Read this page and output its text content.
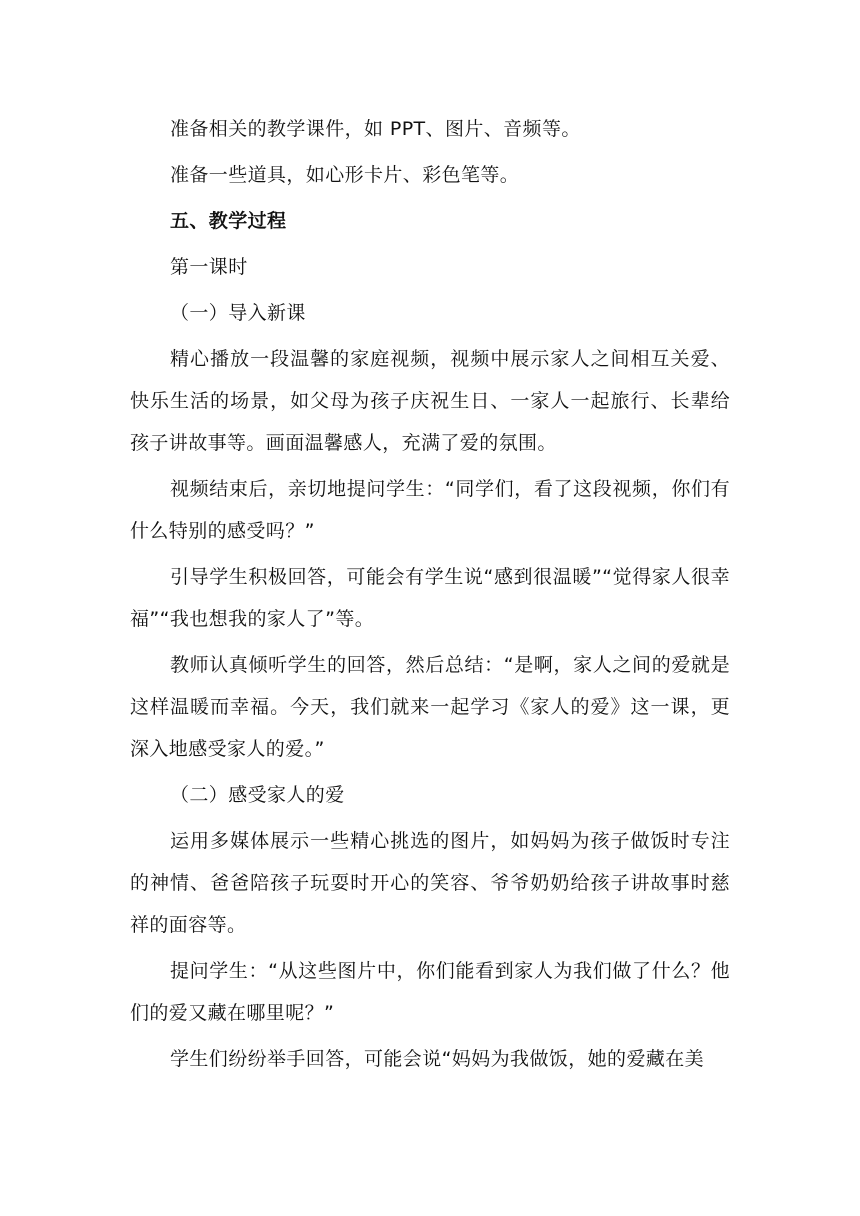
准备相关的教学课件，如 PPT、图片、音频等。

准备一些道具，如心形卡片、彩色笔等。

五、教学过程

第一课时

（一）导入新课

精心播放一段温馨的家庭视频，视频中展示家人之间相互关爱、快乐生活的场景，如父母为孩子庆祝生日、一家人一起旅行、长辈给孩子讲故事等。画面温馨感人，充满了爱的氛围。

视频结束后，亲切地提问学生：“同学们，看了这段视频，你们有什么特别的感受吗？”

引导学生积极回答，可能会有学生说“感到很温暖”“觉得家人很幸福”“我也想我的家人了”等。

教师认真倾听学生的回答，然后总结：“是啊，家人之间的爱就是这样温暖而幸福。今天，我们就来一起学习《家人的爱》这一课，更深入地感受家人的爱。”

（二）感受家人的爱

运用多媒体展示一些精心挑选的图片，如妈妈为孩子做饭时专注的神情、爸爸陪孩子玩耍时开心的笑容、爷爷奶奶给孩子讲故事时慈祥的面容等。

提问学生：“从这些图片中，你们能看到家人为我们做了什么？他们的爱又藏在哪里呢？”

学生们纷纷举手回答，可能会说“妈妈为我做饭，她的爱藏在美
